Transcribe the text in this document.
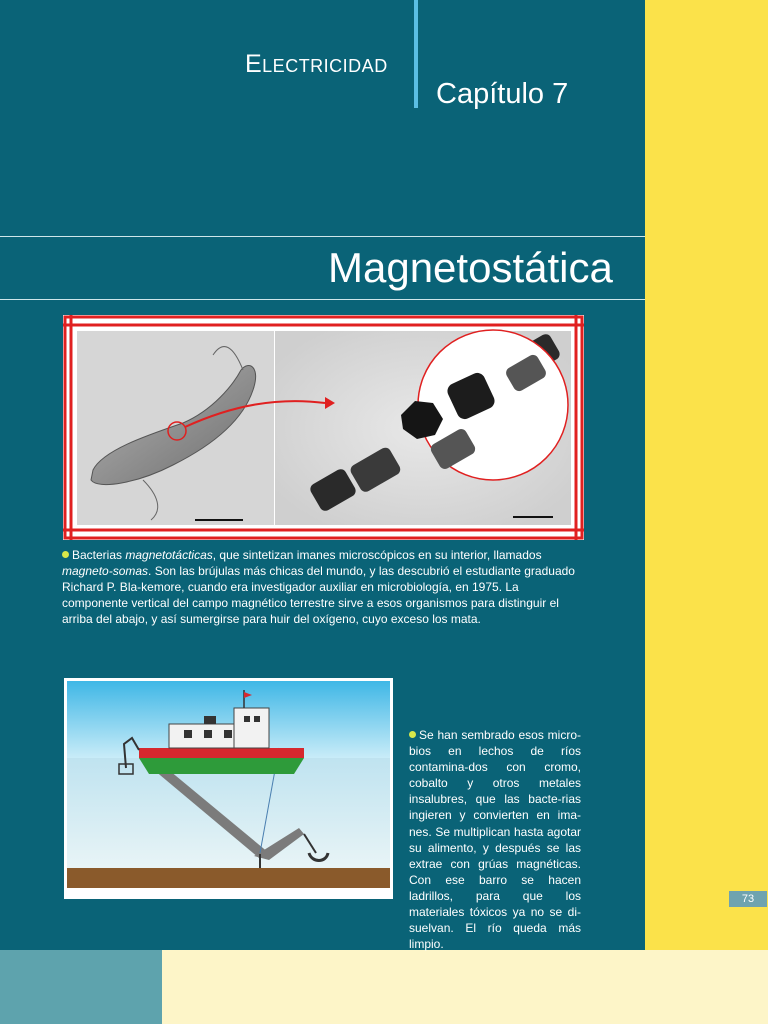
Electricidad
Capítulo 7
Magnetostática
Bacterias magnetotácticas, que sintetizan imanes microscópicos en su interior, llamados magneto-somas. Son las brújulas más chicas del mundo, y las descubrió el estudiante graduado Richard P. Bla-kemore, cuando era investigador auxiliar en microbiología, en 1975. La componente vertical del campo magnético terrestre sirve a esos organismos para distinguir el arriba del abajo, y así sumergirse para huir del oxígeno, cuyo exceso los mata.
Se han sembrado esos micro-bios en lechos de ríos contamina-dos con cromo, cobalto y otros metales insalubres, que las bacte-rias ingieren y convierten en ima-nes. Se multiplican hasta agotar su alimento, y después se las extrae con grúas magnéticas. Con ese barro se hacen ladrillos, para que los materiales tóxicos ya no se di-suelvan. El río queda más limpio.
73
